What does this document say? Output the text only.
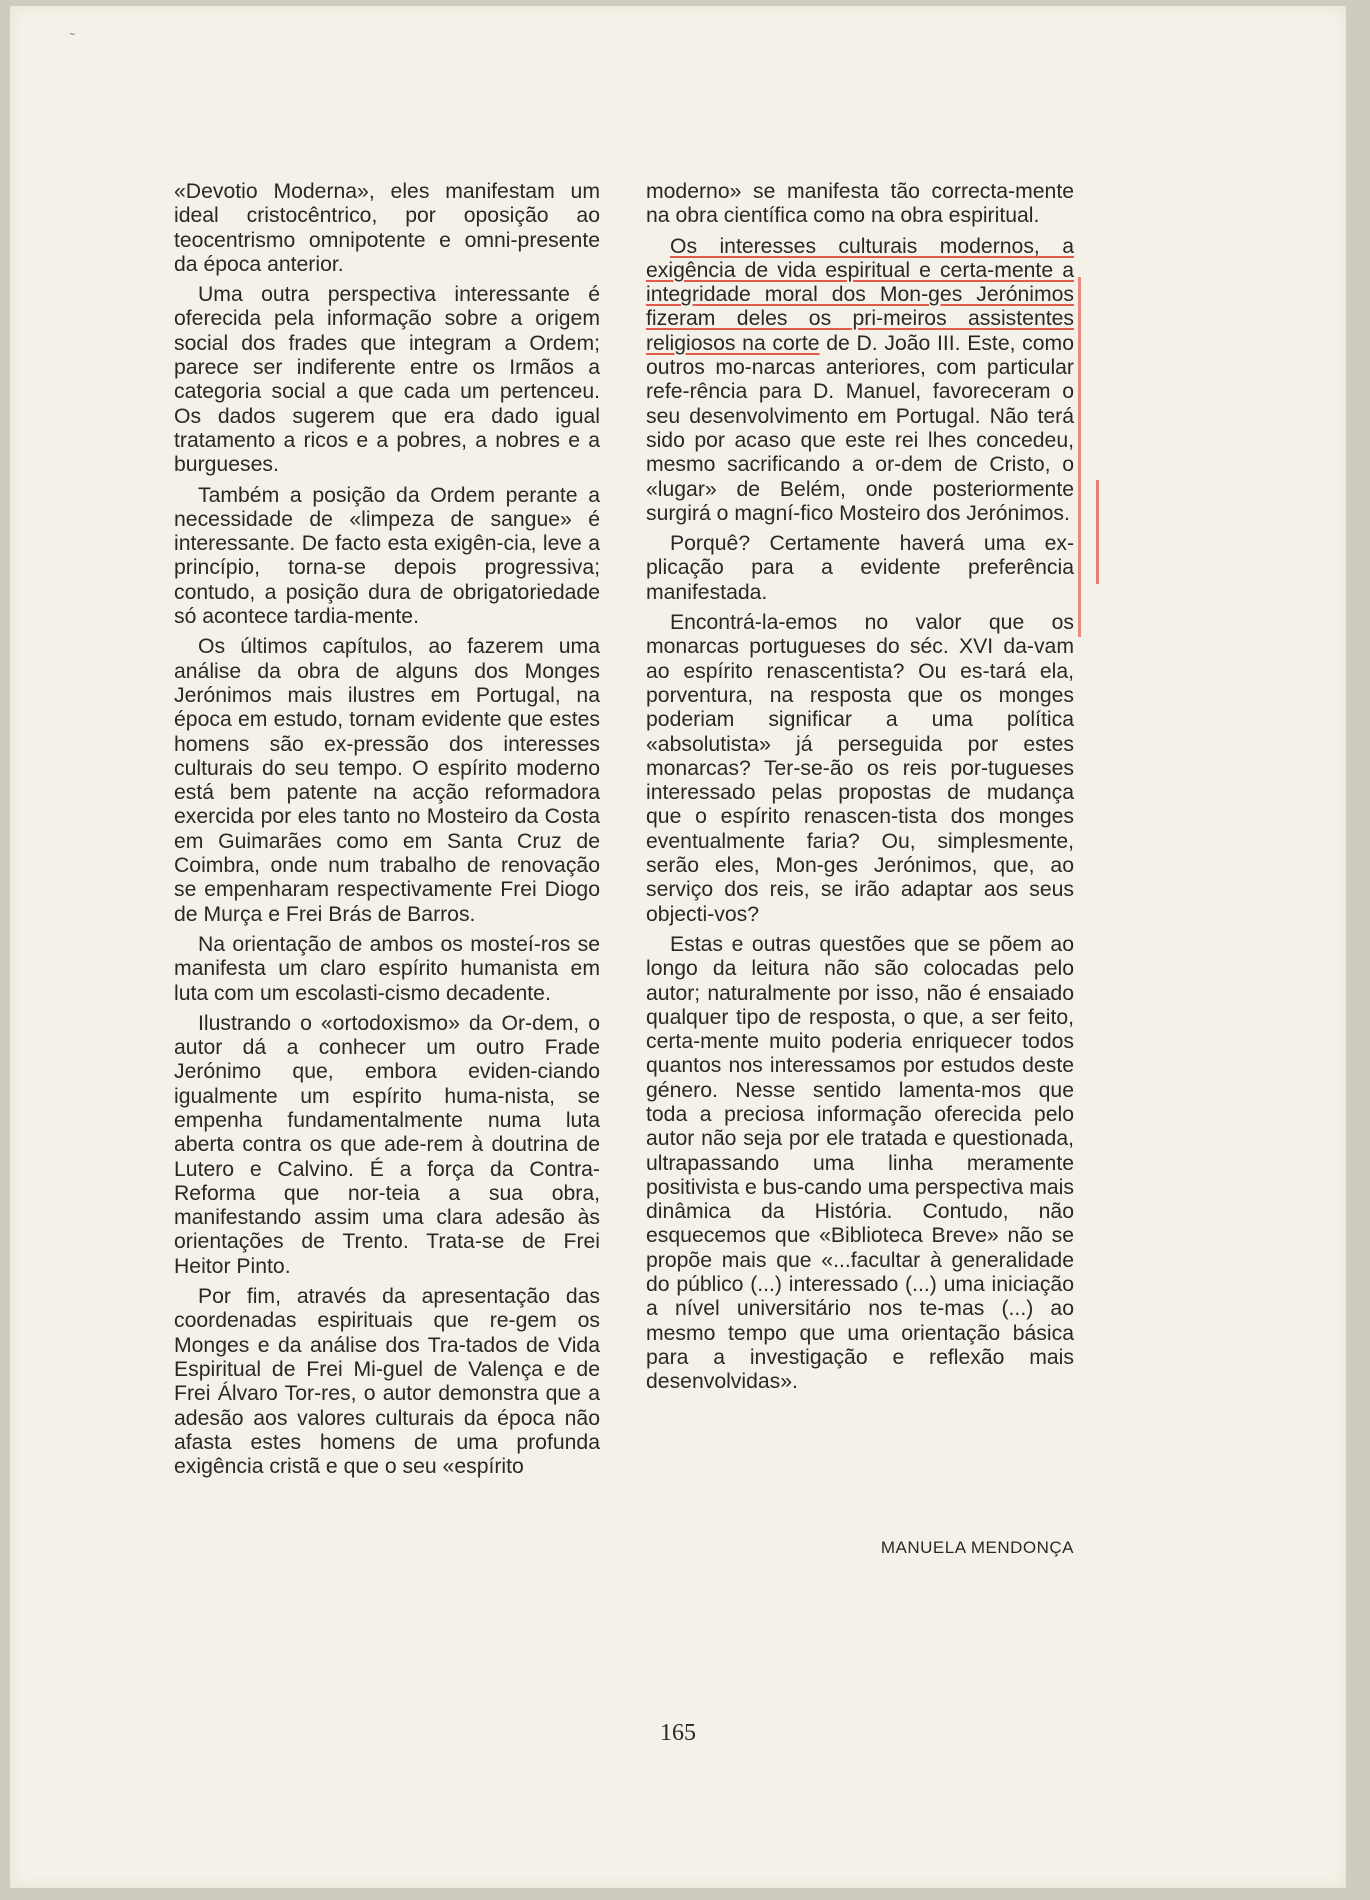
˜

«Devotio Moderna», eles manifestam um ideal cristocêntrico, por oposição ao teocentrismo omnipotente e omni-presente da época anterior.

Uma outra perspectiva interessante é oferecida pela informação sobre a origem social dos frades que integram a Ordem; parece ser indiferente entre os Irmãos a categoria social a que cada um pertenceu. Os dados sugerem que era dado igual tratamento a ricos e a pobres, a nobres e a burgueses.

Também a posição da Ordem perante a necessidade de «limpeza de sangue» é interessante. De facto esta exigên-cia, leve a princípio, torna-se depois progressiva; contudo, a posição dura de obrigatoriedade só acontece tardia-mente.

Os últimos capítulos, ao fazerem uma análise da obra de alguns dos Monges Jerónimos mais ilustres em Portugal, na época em estudo, tornam evidente que estes homens são ex-pressão dos interesses culturais do seu tempo. O espírito moderno está bem patente na acção reformadora exercida por eles tanto no Mosteiro da Costa em Guimarães como em Santa Cruz de Coimbra, onde num trabalho de renovação se empenharam respectivamente Frei Diogo de Murça e Frei Brás de Barros.

Na orientação de ambos os mosteí-ros se manifesta um claro espírito humanista em luta com um escolasti-cismo decadente.

Ilustrando o «ortodoxismo» da Or-dem, o autor dá a conhecer um outro Frade Jerónimo que, embora eviden-ciando igualmente um espírito huma-nista, se empenha fundamentalmente numa luta aberta contra os que ade-rem à doutrina de Lutero e Calvino. É a força da Contra-Reforma que nor-teia a sua obra, manifestando assim uma clara adesão às orientações de Trento. Trata-se de Frei Heitor Pinto.

Por fim, através da apresentação das coordenadas espirituais que re-gem os Monges e da análise dos Tra-tados de Vida Espiritual de Frei Mi-guel de Valença e de Frei Álvaro Tor-res, o autor demonstra que a adesão aos valores culturais da época não afasta estes homens de uma profunda exigência cristã e que o seu «espírito

moderno» se manifesta tão correcta-mente na obra científica como na obra espiritual.

Os interesses culturais modernos, a exigência de vida espiritual e certa-mente a integridade moral dos Mon-ges Jerónimos fizeram deles os pri-meiros assistentes religiosos na corte de D. João III. Este, como outros mo-narcas anteriores, com particular refe-rência para D. Manuel, favoreceram o seu desenvolvimento em Portugal. Não terá sido por acaso que este rei lhes concedeu, mesmo sacrificando a or-dem de Cristo, o «lugar» de Belém, onde posteriormente surgirá o magní-fico Mosteiro dos Jerónimos.

Porquê? Certamente haverá uma ex-plicação para a evidente preferência manifestada.

Encontrá-la-emos no valor que os monarcas portugueses do séc. XVI da-vam ao espírito renascentista? Ou es-tará ela, porventura, na resposta que os monges poderiam significar a uma política «absolutista» já perseguida por estes monarcas? Ter-se-ão os reis por-tugueses interessado pelas propostas de mudança que o espírito renascen-tista dos monges eventualmente faria? Ou, simplesmente, serão eles, Mon-ges Jerónimos, que, ao serviço dos reis, se irão adaptar aos seus objecti-vos?

Estas e outras questões que se põem ao longo da leitura não são colocadas pelo autor; naturalmente por isso, não é ensaiado qualquer tipo de resposta, o que, a ser feito, certa-mente muito poderia enriquecer todos quantos nos interessamos por estudos deste género. Nesse sentido lamenta-mos que toda a preciosa informação oferecida pelo autor não seja por ele tratada e questionada, ultrapassando uma linha meramente positivista e bus-cando uma perspectiva mais dinâmica da História. Contudo, não esquecemos que «Biblioteca Breve» não se propõe mais que «...facultar à generalidade do público (...) interessado (...) uma iniciação a nível universitário nos te-mas (...) ao mesmo tempo que uma orientação básica para a investigação e reflexão mais desenvolvidas».

MANUELA MENDONÇA
165
